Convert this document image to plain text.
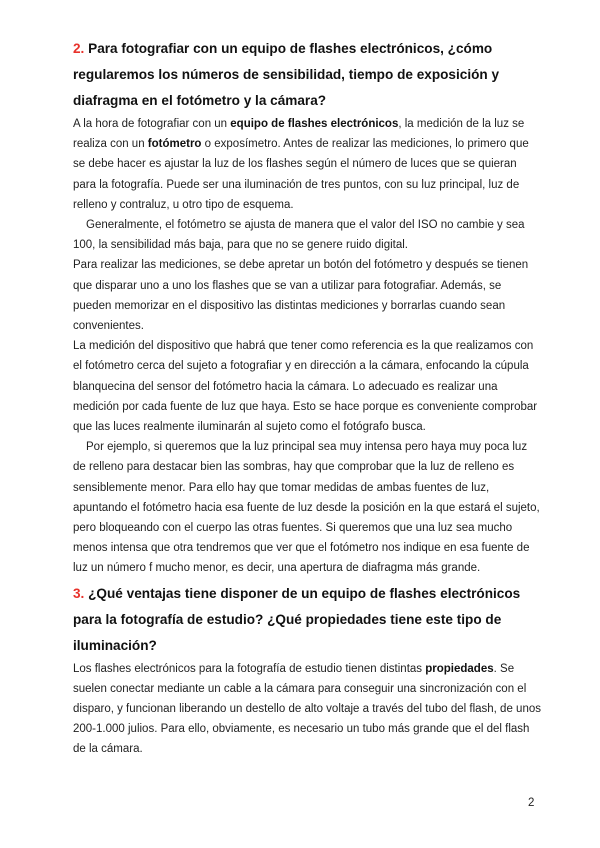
2. Para fotografiar con un equipo de flashes electrónicos, ¿cómo regularemos los números de sensibilidad, tiempo de exposición y diafragma en el fotómetro y la cámara?

A la hora de fotografiar con un equipo de flashes electrónicos, la medición de la luz se realiza con un fotómetro o exposímetro. Antes de realizar las mediciones, lo primero que se debe hacer es ajustar la luz de los flashes según el número de luces que se quieran para la fotografía. Puede ser una iluminación de tres puntos, con su luz principal, luz de relleno y contraluz, u otro tipo de esquema.

Generalmente, el fotómetro se ajusta de manera que el valor del ISO no cambie y sea 100, la sensibilidad más baja, para que no se genere ruido digital.

Para realizar las mediciones, se debe apretar un botón del fotómetro y después se tienen que disparar uno a uno los flashes que se van a utilizar para fotografiar. Además, se pueden memorizar en el dispositivo las distintas mediciones y borrarlas cuando sean convenientes.

La medición del dispositivo que habrá que tener como referencia es la que realizamos con el fotómetro cerca del sujeto a fotografiar y en dirección a la cámara, enfocando la cúpula blanquecina del sensor del fotómetro hacia la cámara. Lo adecuado es realizar una medición por cada fuente de luz que haya. Esto se hace porque es conveniente comprobar que las luces realmente iluminarán al sujeto como el fotógrafo busca.

Por ejemplo, si queremos que la luz principal sea muy intensa pero haya muy poca luz de relleno para destacar bien las sombras, hay que comprobar que la luz de relleno es sensiblemente menor. Para ello hay que tomar medidas de ambas fuentes de luz, apuntando el fotómetro hacia esa fuente de luz desde la posición en la que estará el sujeto, pero bloqueando con el cuerpo las otras fuentes. Si queremos que una luz sea mucho menos intensa que otra tendremos que ver que el fotómetro nos indique en esa fuente de luz un número f mucho menor, es decir, una apertura de diafragma más grande.

3. ¿Qué ventajas tiene disponer de un equipo de flashes electrónicos para la fotografía de estudio? ¿Qué propiedades tiene este tipo de iluminación?

Los flashes electrónicos para la fotografía de estudio tienen distintas propiedades. Se suelen conectar mediante un cable a la cámara para conseguir una sincronización con el disparo, y funcionan liberando un destello de alto voltaje a través del tubo del flash, de unos 200-1.000 julios. Para ello, obviamente, es necesario un tubo más grande que el del flash de la cámara.

2
